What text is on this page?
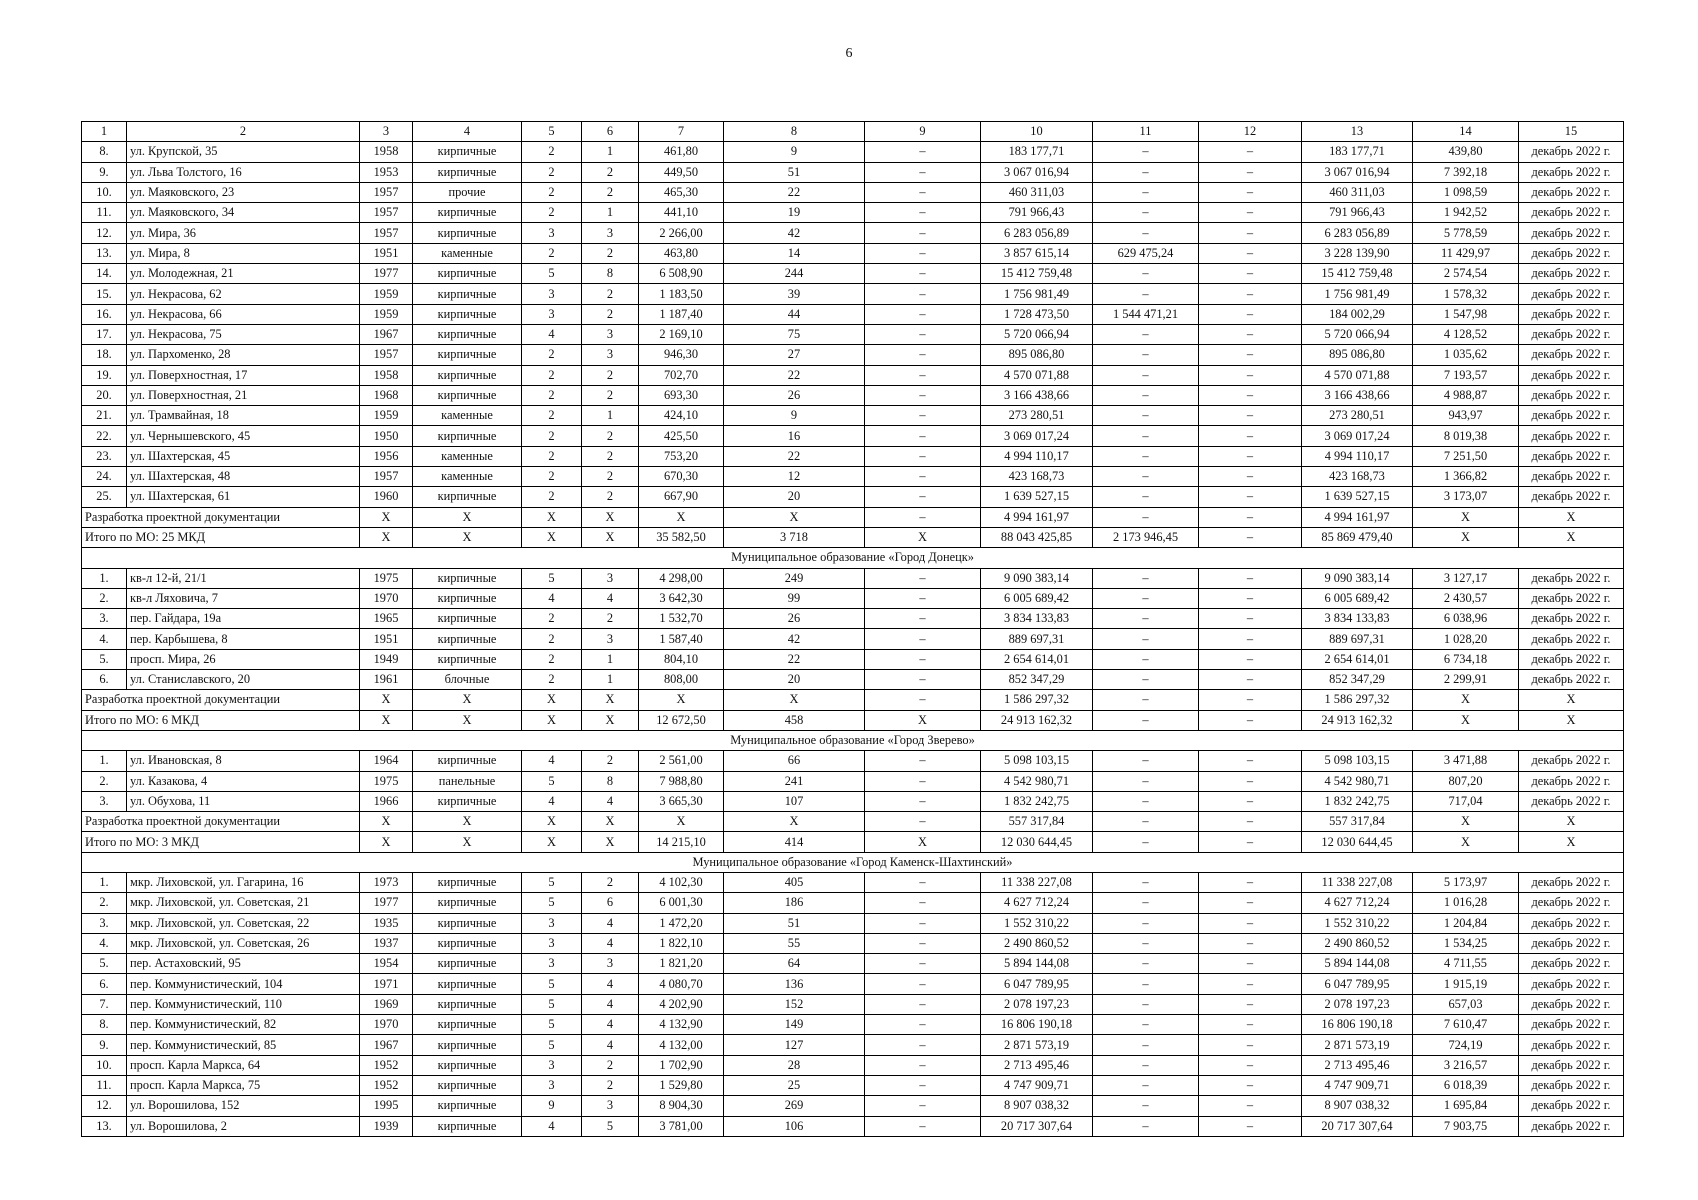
6
1	2	3	4	5	6	7	8	9	10	11	12	13	14	15
8.	ул. Крупской, 35	1958	кирпичные	2	1	461,80	9	–	183 177,71	–	–	183 177,71	439,80	декабрь 2022 г.
9.	ул. Льва Толстого, 16	1953	кирпичные	2	2	449,50	51	–	3 067 016,94	–	–	3 067 016,94	7 392,18	декабрь 2022 г.
10.	ул. Маяковского, 23	1957	прочие	2	2	465,30	22	–	460 311,03	–	–	460 311,03	1 098,59	декабрь 2022 г.
11.	ул. Маяковского, 34	1957	кирпичные	2	1	441,10	19	–	791 966,43	–	–	791 966,43	1 942,52	декабрь 2022 г.
12.	ул. Мира, 36	1957	кирпичные	3	3	2 266,00	42	–	6 283 056,89	–	–	6 283 056,89	5 778,59	декабрь 2022 г.
13.	ул. Мира, 8	1951	каменные	2	2	463,80	14	–	3 857 615,14	629 475,24	–	3 228 139,90	11 429,97	декабрь 2022 г.
14.	ул. Молодежная, 21	1977	кирпичные	5	8	6 508,90	244	–	15 412 759,48	–	–	15 412 759,48	2 574,54	декабрь 2022 г.
15.	ул. Некрасова, 62	1959	кирпичные	3	2	1 183,50	39	–	1 756 981,49	–	–	1 756 981,49	1 578,32	декабрь 2022 г.
16.	ул. Некрасова, 66	1959	кирпичные	3	2	1 187,40	44	–	1 728 473,50	1 544 471,21	–	184 002,29	1 547,98	декабрь 2022 г.
17.	ул. Некрасова, 75	1967	кирпичные	4	3	2 169,10	75	–	5 720 066,94	–	–	5 720 066,94	4 128,52	декабрь 2022 г.
18.	ул. Пархоменко, 28	1957	кирпичные	2	3	946,30	27	–	895 086,80	–	–	895 086,80	1 035,62	декабрь 2022 г.
19.	ул. Поверхностная, 17	1958	кирпичные	2	2	702,70	22	–	4 570 071,88	–	–	4 570 071,88	7 193,57	декабрь 2022 г.
20.	ул. Поверхностная, 21	1968	кирпичные	2	2	693,30	26	–	3 166 438,66	–	–	3 166 438,66	4 988,87	декабрь 2022 г.
21.	ул. Трамвайная, 18	1959	каменные	2	1	424,10	9	–	273 280,51	–	–	273 280,51	943,97	декабрь 2022 г.
22.	ул. Чернышевского, 45	1950	кирпичные	2	2	425,50	16	–	3 069 017,24	–	–	3 069 017,24	8 019,38	декабрь 2022 г.
23.	ул. Шахтерская, 45	1956	каменные	2	2	753,20	22	–	4 994 110,17	–	–	4 994 110,17	7 251,50	декабрь 2022 г.
24.	ул. Шахтерская, 48	1957	каменные	2	2	670,30	12	–	423 168,73	–	–	423 168,73	1 366,82	декабрь 2022 г.
25.	ул. Шахтерская, 61	1960	кирпичные	2	2	667,90	20	–	1 639 527,15	–	–	1 639 527,15	3 173,07	декабрь 2022 г.
Разработка проектной документации		X	X	X	X	X	X	–	4 994 161,97	–	–	4 994 161,97	X	X
Итого по МО: 25 МКД		X	X	X	X	35 582,50	3 718	X	88 043 425,85	2 173 946,45	–	85 869 479,40	X	X
Муниципальное образование «Город Донецк»														
1.	кв-л 12-й, 21/1	1975	кирпичные	5	3	4 298,00	249	–	9 090 383,14	–	–	9 090 383,14	3 127,17	декабрь 2022 г.
2.	кв-л Ляховича, 7	1970	кирпичные	4	4	3 642,30	99	–	6 005 689,42	–	–	6 005 689,42	2 430,57	декабрь 2022 г.
3.	пер. Гайдара, 19а	1965	кирпичные	2	2	1 532,70	26	–	3 834 133,83	–	–	3 834 133,83	6 038,96	декабрь 2022 г.
4.	пер. Карбышева, 8	1951	кирпичные	2	3	1 587,40	42	–	889 697,31	–	–	889 697,31	1 028,20	декабрь 2022 г.
5.	просп. Мира, 26	1949	кирпичные	2	1	804,10	22	–	2 654 614,01	–	–	2 654 614,01	6 734,18	декабрь 2022 г.
6.	ул. Станиславского, 20	1961	блочные	2	1	808,00	20	–	852 347,29	–	–	852 347,29	2 299,91	декабрь 2022 г.
Разработка проектной документации		X	X	X	X	X	X	–	1 586 297,32	–	–	1 586 297,32	X	X
Итого по МО: 6 МКД		X	X	X	X	12 672,50	458	X	24 913 162,32	–	–	24 913 162,32	X	X
Муниципальное образование «Город Зверево»														
1.	ул. Ивановская, 8	1964	кирпичные	4	2	2 561,00	66	–	5 098 103,15	–	–	5 098 103,15	3 471,88	декабрь 2022 г.
2.	ул. Казакова, 4	1975	панельные	5	8	7 988,80	241	–	4 542 980,71	–	–	4 542 980,71	807,20	декабрь 2022 г.
3.	ул. Обухова, 11	1966	кирпичные	4	4	3 665,30	107	–	1 832 242,75	–	–	1 832 242,75	717,04	декабрь 2022 г.
Разработка проектной документации		X	X	X	X	X	X	–	557 317,84	–	–	557 317,84	X	X
Итого по МО: 3 МКД		X	X	X	X	14 215,10	414	X	12 030 644,45	–	–	12 030 644,45	X	X
Муниципальное образование «Город Каменск-Шахтинский»														
1.	мкр. Лиховской, ул. Гагарина, 16	1973	кирпичные	5	2	4 102,30	405	–	11 338 227,08	–	–	11 338 227,08	5 173,97	декабрь 2022 г.
2.	мкр. Лиховской, ул. Советская, 21	1977	кирпичные	5	6	6 001,30	186	–	4 627 712,24	–	–	4 627 712,24	1 016,28	декабрь 2022 г.
3.	мкр. Лиховской, ул. Советская, 22	1935	кирпичные	3	4	1 472,20	51	–	1 552 310,22	–	–	1 552 310,22	1 204,84	декабрь 2022 г.
4.	мкр. Лиховской, ул. Советская, 26	1937	кирпичные	3	4	1 822,10	55	–	2 490 860,52	–	–	2 490 860,52	1 534,25	декабрь 2022 г.
5.	пер. Астаховский, 95	1954	кирпичные	3	3	1 821,20	64	–	5 894 144,08	–	–	5 894 144,08	4 711,55	декабрь 2022 г.
6.	пер. Коммунистический, 104	1971	кирпичные	5	4	4 080,70	136	–	6 047 789,95	–	–	6 047 789,95	1 915,19	декабрь 2022 г.
7.	пер. Коммунистический, 110	1969	кирпичные	5	4	4 202,90	152	–	2 078 197,23	–	–	2 078 197,23	657,03	декабрь 2022 г.
8.	пер. Коммунистический, 82	1970	кирпичные	5	4	4 132,90	149	–	16 806 190,18	–	–	16 806 190,18	7 610,47	декабрь 2022 г.
9.	пер. Коммунистический, 85	1967	кирпичные	5	4	4 132,00	127	–	2 871 573,19	–	–	2 871 573,19	724,19	декабрь 2022 г.
10.	просп. Карла Маркса, 64	1952	кирпичные	3	2	1 702,90	28	–	2 713 495,46	–	–	2 713 495,46	3 216,57	декабрь 2022 г.
11.	просп. Карла Маркса, 75	1952	кирпичные	3	2	1 529,80	25	–	4 747 909,71	–	–	4 747 909,71	6 018,39	декабрь 2022 г.
12.	ул. Ворошилова, 152	1995	кирпичные	9	3	8 904,30	269	–	8 907 038,32	–	–	8 907 038,32	1 695,84	декабрь 2022 г.
13.	ул. Ворошилова, 2	1939	кирпичные	4	5	3 781,00	106	–	20 717 307,64	–	–	20 717 307,64	7 903,75	декабрь 2022 г.
